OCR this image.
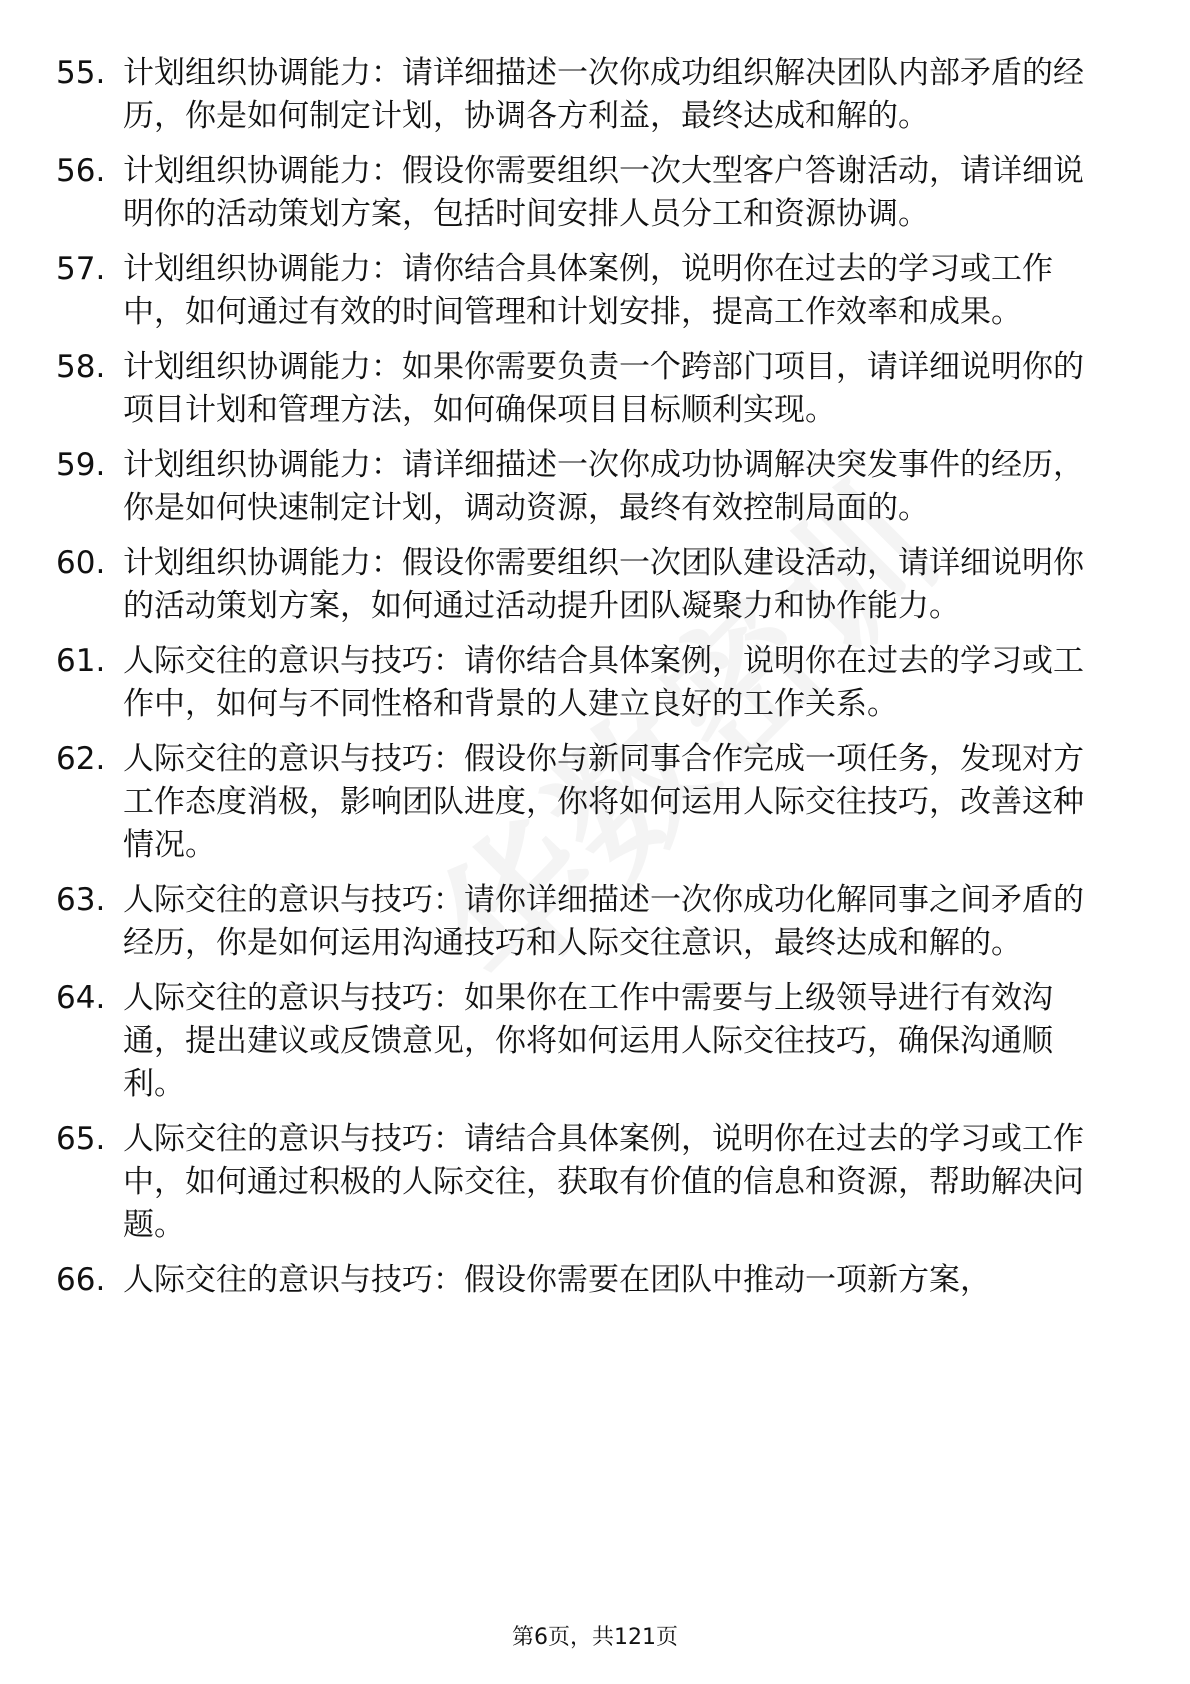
55. 计划组织协调能力：请详细描述一次你成功组织解决团队内部矛盾的经历，你是如何制定计划，协调各方利益，最终达成和解的。
56. 计划组织协调能力：假设你需要组织一次大型客户答谢活动，请详细说明你的活动策划方案，包括时间安排人员分工和资源协调。
57. 计划组织协调能力：请你结合具体案例，说明你在过去的学习或工作中，如何通过有效的时间管理和计划安排，提高工作效率和成果。
58. 计划组织协调能力：如果你需要负责一个跨部门项目，请详细说明你的项目计划和管理方法，如何确保项目目标顺利实现。
59. 计划组织协调能力：请详细描述一次你成功协调解决突发事件的经历，你是如何快速制定计划，调动资源，最终有效控制局面的。
60. 计划组织协调能力：假设你需要组织一次团队建设活动，请详细说明你的活动策划方案，如何通过活动提升团队凝聚力和协作能力。
61. 人际交往的意识与技巧：请你结合具体案例，说明你在过去的学习或工作中，如何与不同性格和背景的人建立良好的工作关系。
62. 人际交往的意识与技巧：假设你与新同事合作完成一项任务，发现对方工作态度消极，影响团队进度，你将如何运用人际交往技巧，改善这种情况。
63. 人际交往的意识与技巧：请你详细描述一次你成功化解同事之间矛盾的经历，你是如何运用沟通技巧和人际交往意识，最终达成和解的。
64. 人际交往的意识与技巧：如果你在工作中需要与上级领导进行有效沟通，提出建议或反馈意见，你将如何运用人际交往技巧，确保沟通顺利。
65. 人际交往的意识与技巧：请结合具体案例，说明你在过去的学习或工作中，如何通过积极的人际交往，获取有价值的信息和资源，帮助解决问题。
66. 人际交往的意识与技巧：假设你需要在团队中推动一项新方案，
第6页，共121页
